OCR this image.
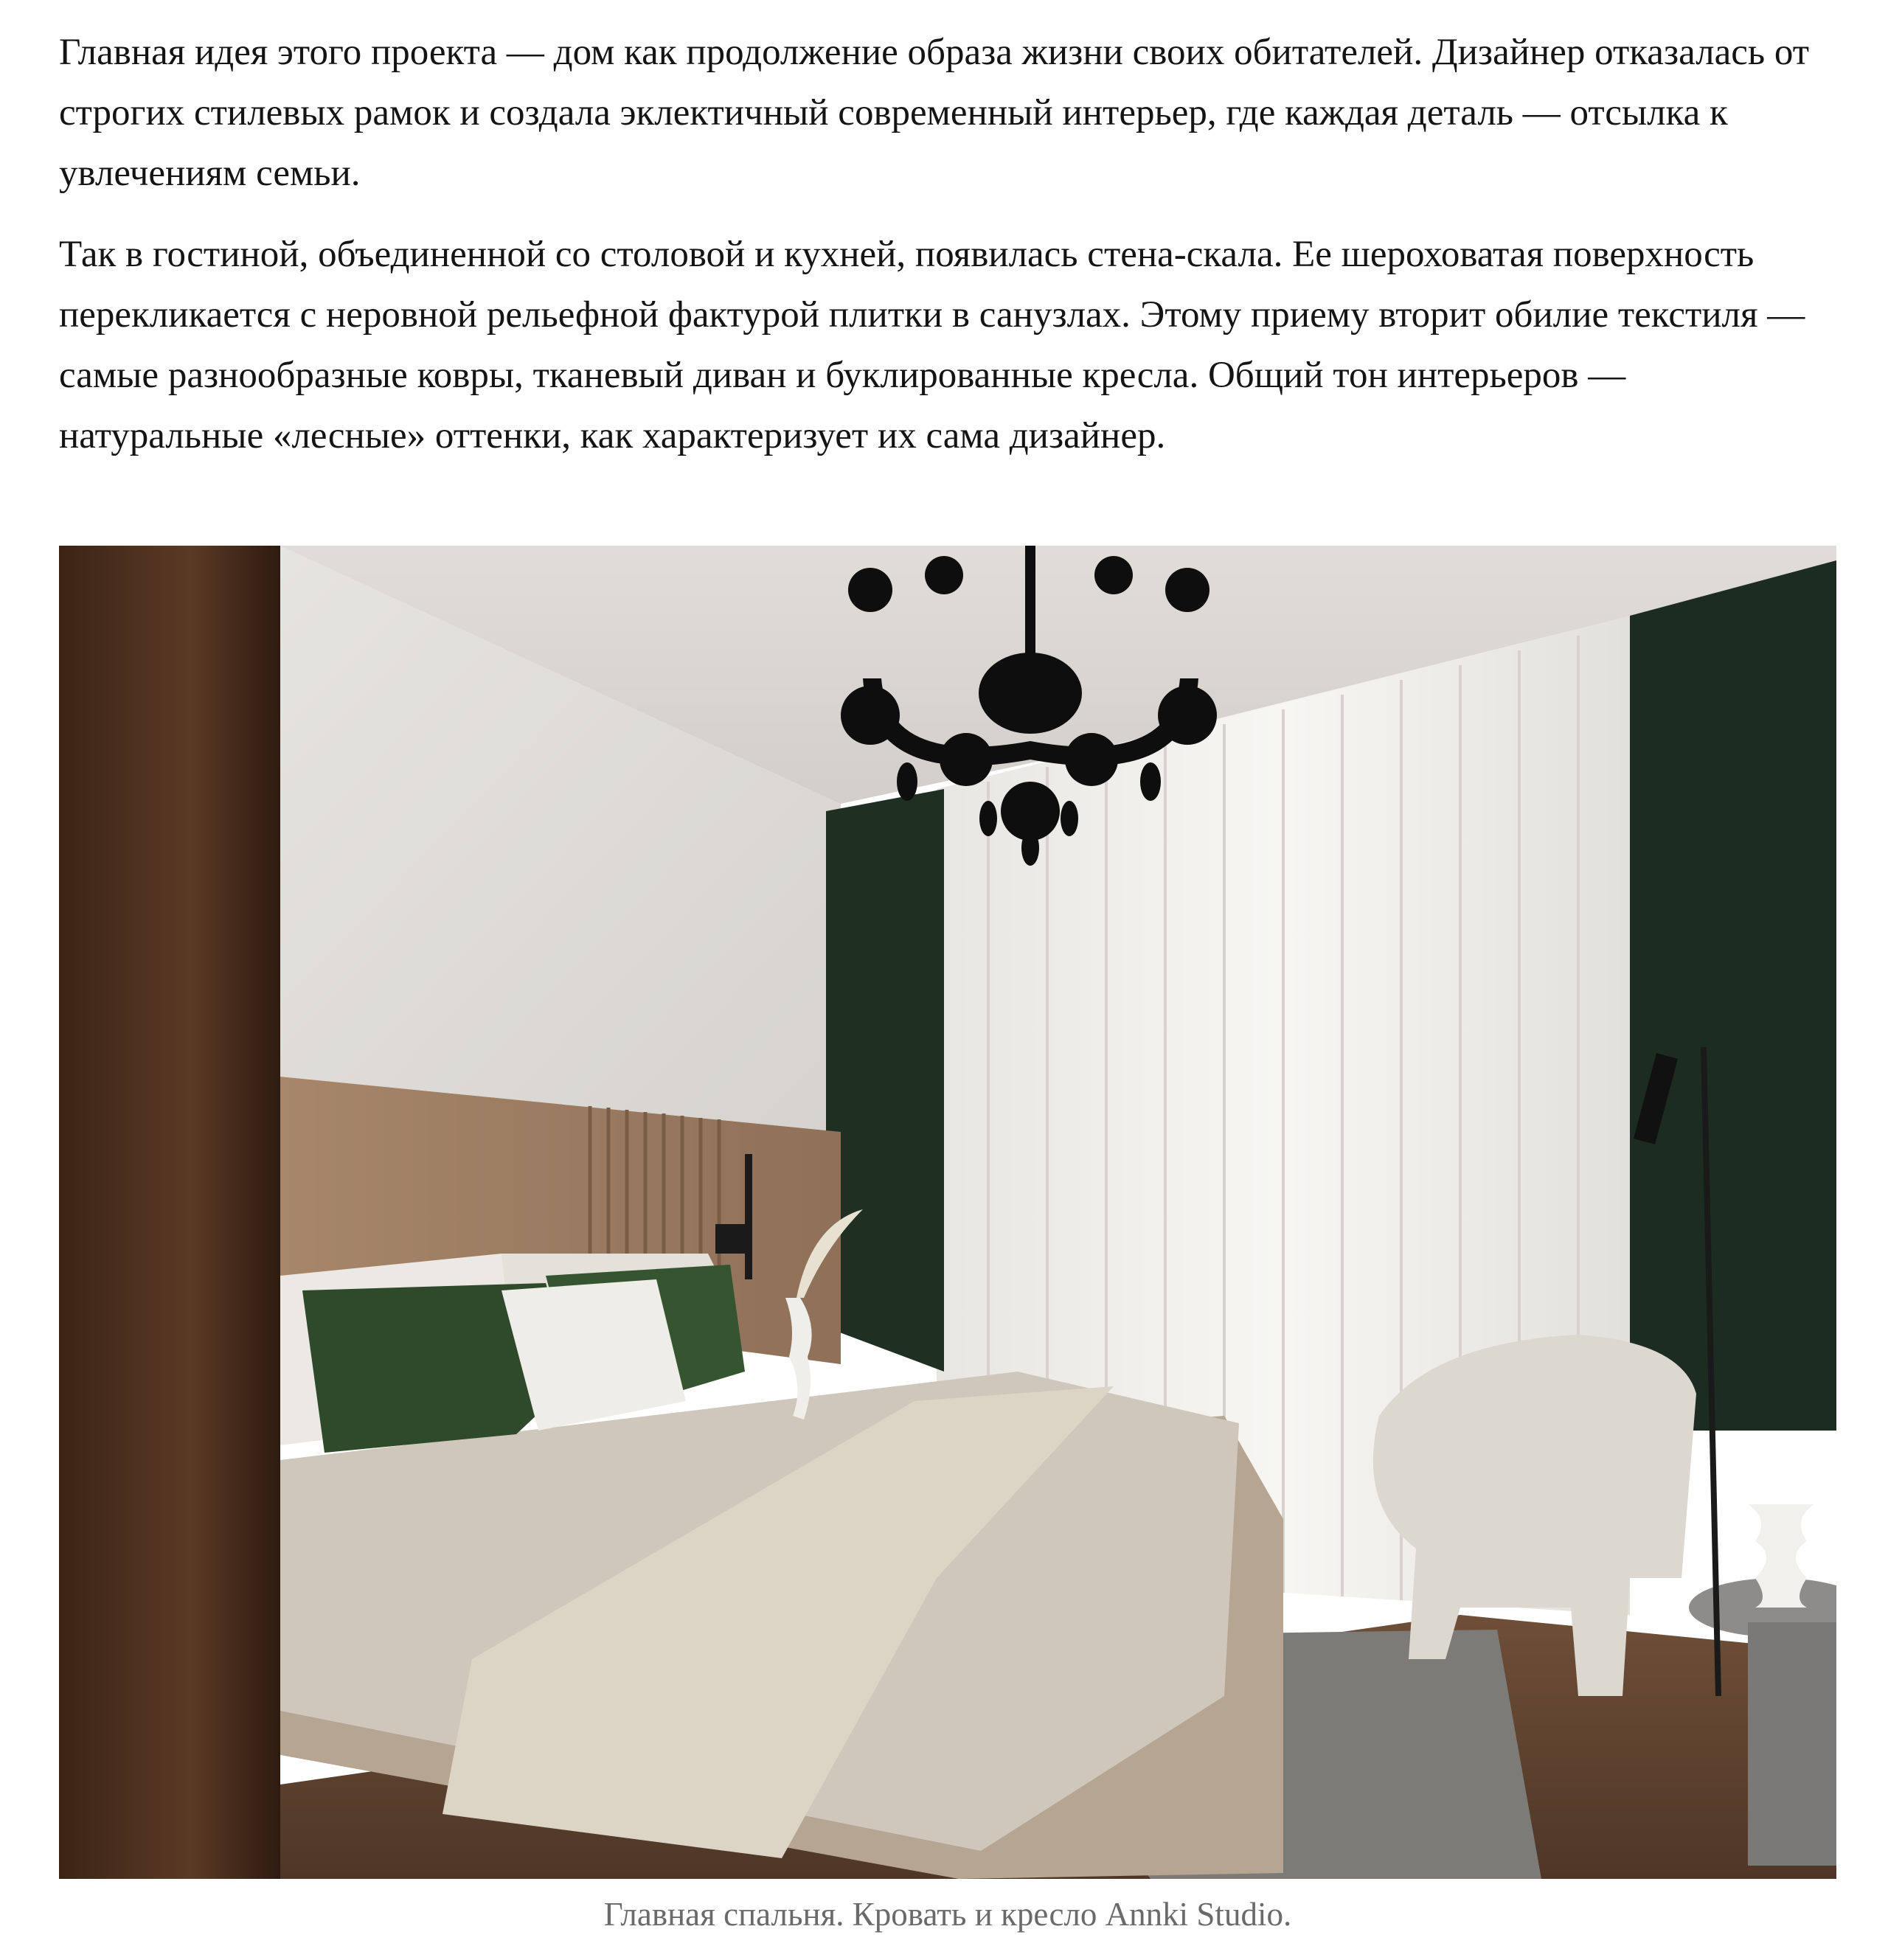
Главная идея этого проекта — дом как продолжение образа жизни своих обитателей. Дизайнер отказалась от строгих стилевых рамок и создала эклектичный современный интерьер, где каждая деталь — отсылка к увлечениям семьи.

Так в гостиной, объединенной со столовой и кухней, появилась стена-скала. Ее шероховатая поверхность перекликается с неровной рельефной фактурой плитки в санузлах. Этому приему вторит обилие текстиля — самые разнообразные ковры, тканевый диван и буклированные кресла. Общий тон интерьеров — натуральные «лесные» оттенки, как характеризует их сама дизайнер.

Главная спальня. Кровать и кресло Annki Studio.
